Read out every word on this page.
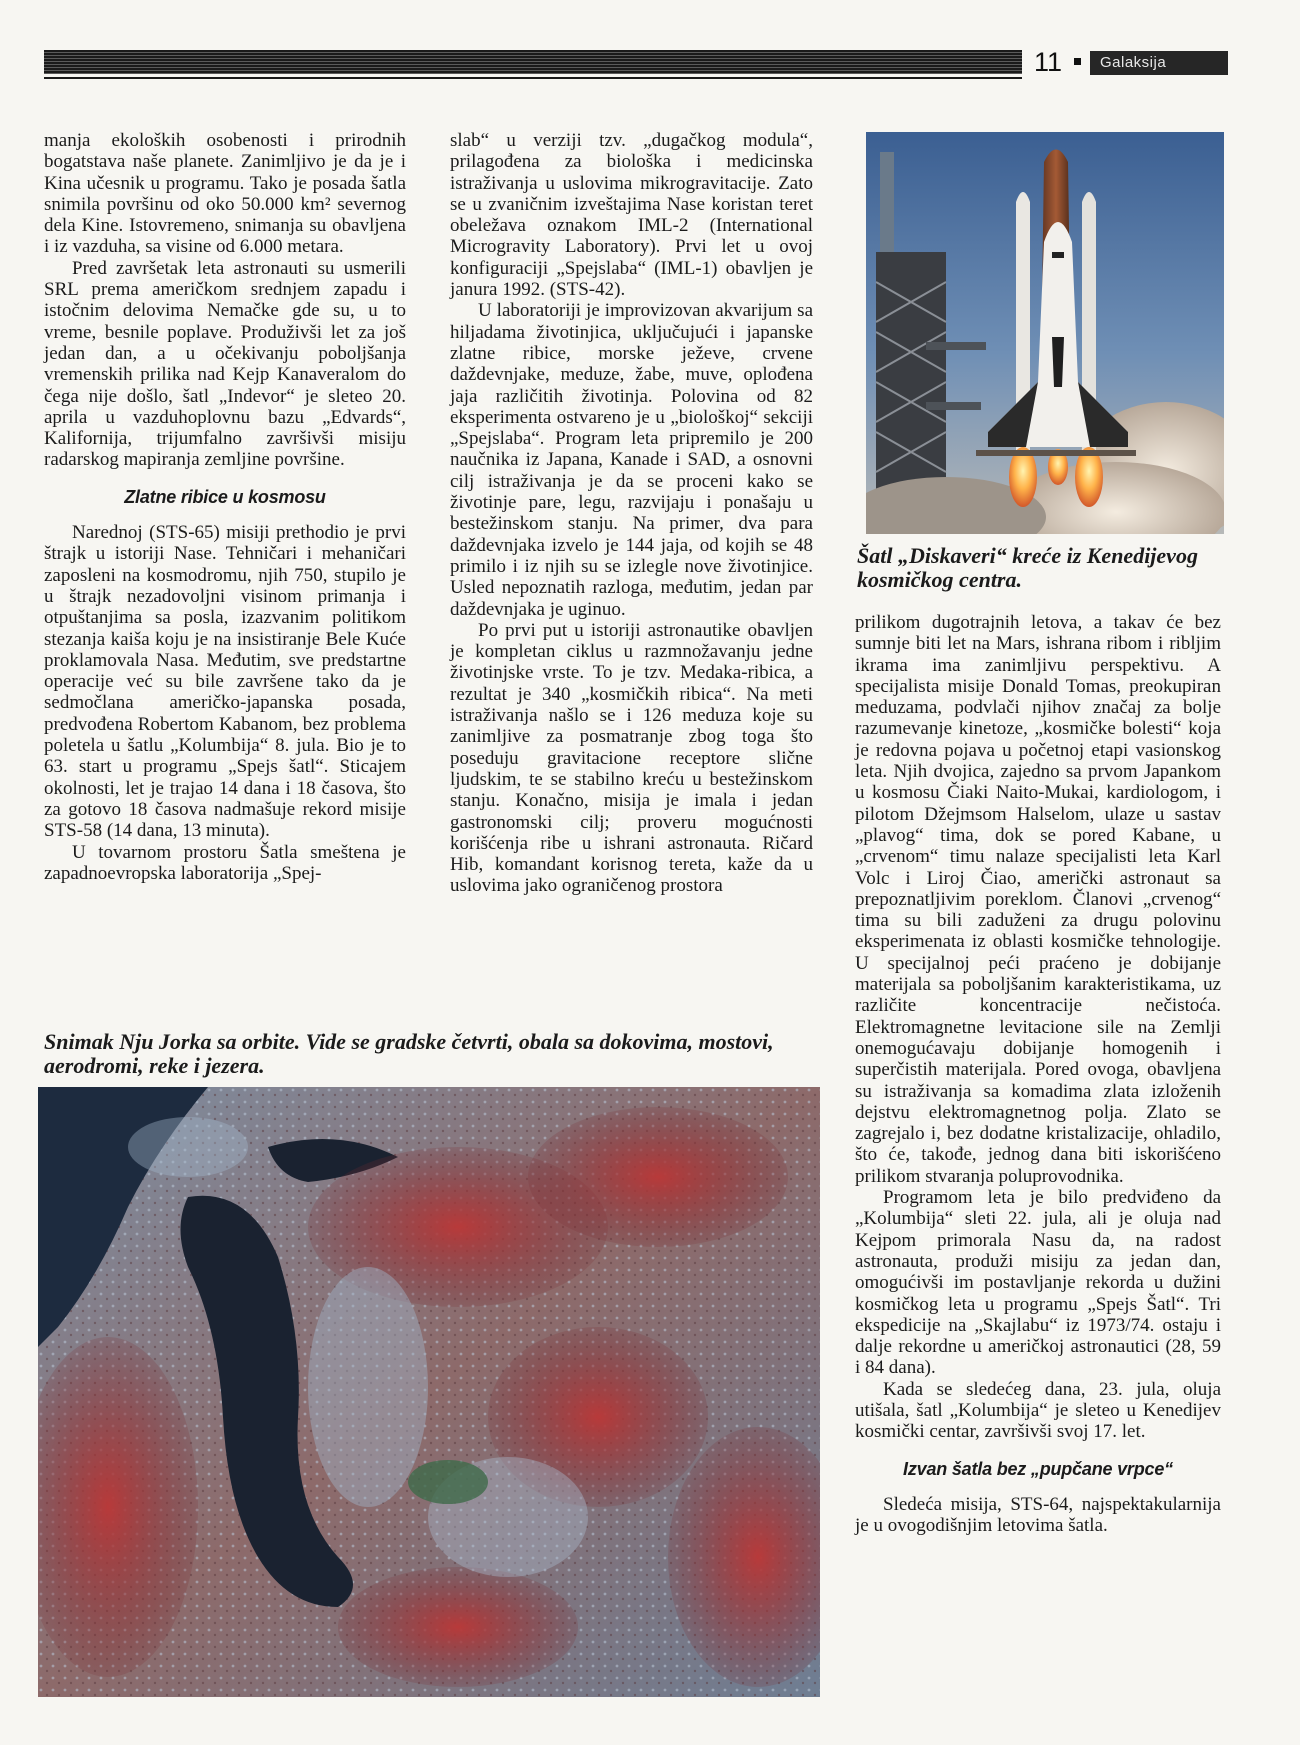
11	Galaksija

manja ekoloških osobenosti i prirodnih bogatstava naše planete. Zanimljivo je da je i Kina učesnik u programu. Tako je posada šatla snimila površinu od oko 50.000 km² severnog dela Kine. Istovremeno, snimanja su obavljena i iz vazduha, sa visine od 6.000 metara.

Pred završetak leta astronauti su usmerili SRL prema američkom srednjem zapadu i istočnim delovima Nemačke gde su, u to vreme, besnile poplave. Produživši let za još jedan dan, a u očekivanju poboljšanja vremenskih prilika nad Kejp Kanaveralom do čega nije došlo, šatl „Indevor“ je sleteo 20. aprila u vazduhoplovnu bazu „Edvards“, Kalifornija, trijumfalno završivši misiju radarskog mapiranja zemljine površine.

Zlatne ribice u kosmosu

Narednoj (STS-65) misiji prethodio je prvi štrajk u istoriji Nase. Tehničari i mehaničari zaposleni na kosmodromu, njih 750, stupilo je u štrajk nezadovoljni visinom primanja i otpuštanjima sa posla, izazvanim politikom stezanja kaiša koju je na insistiranje Bele Kuće proklamovala Nasa. Međutim, sve predstartne operacije već su bile završene tako da je sedmočlana američko-japanska posada, predvođena Robertom Kabanom, bez problema poletela u šatlu „Kolumbija“ 8. jula. Bio je to 63. start u programu „Spejs šatl“. Sticajem okolnosti, let je trajao 14 dana i 18 časova, što za gotovo 18 časova nadmašuje rekord misije STS-58 (14 dana, 13 minuta).

U tovarnom prostoru Šatla smeštena je zapadnoevropska laboratorija „Spej-

slab“ u verziji tzv. „dugačkog modula“, prilagođena za biološka i medicinska istraživanja u uslovima mikrogravitacije. Zato se u zvaničnim izveštajima Nase koristan teret obeležava oznakom IML-2 (International Microgravity Laboratory). Prvi let u ovoj konfiguraciji „Spejslaba“ (IML-1) obavljen je janura 1992. (STS-42).

U laboratoriji je improvizovan akvarijum sa hiljadama životinjica, uključujući i japanske zlatne ribice, morske ježeve, crvene daždevnjake, meduze, žabe, muve, oplođena jaja različitih životinja. Polovina od 82 eksperimenta ostvareno je u „biološkoj“ sekciji „Spejslaba“. Program leta pripremilo je 200 naučnika iz Japana, Kanade i SAD, a osnovni cilj istraživanja je da se proceni kako se životinje pare, legu, razvijaju i ponašaju u bestežinskom stanju. Na primer, dva para daždevnjaka izvelo je 144 jaja, od kojih se 48 primilo i iz njih su se izlegle nove životinjice. Usled nepoznatih razloga, međutim, jedan par daždevnjaka je uginuo.

Po prvi put u istoriji astronautike obavljen je kompletan ciklus u razmnožavanju jedne životinjske vrste. To je tzv. Medaka-ribica, a rezultat je 340 „kosmičkih ribica“. Na meti istraživanja našlo se i 126 meduza koje su zanimljive za posmatranje zbog toga što poseduju gravitacione receptore slične ljudskim, te se stabilno kreću u bestežinskom stanju. Konačno, misija je imala i jedan gastronomski cilj; proveru mogućnosti korišćenja ribe u ishrani astronauta. Ričard Hib, komandant korisnog tereta, kaže da u uslovima jako ograničenog prostora

Šatl „Diskaveri“ kreće iz Kenedijevog kosmičkog centra.

prilikom dugotrajnih letova, a takav će bez sumnje biti let na Mars, ishrana ribom i ribljim ikrama ima zanimljivu perspektivu. A specijalista misije Donald Tomas, preokupiran meduzama, podvlači njihov značaj za bolje razumevanje kinetoze, „kosmičke bolesti“ koja je redovna pojava u početnoj etapi vasionskog leta. Njih dvojica, zajedno sa prvom Japankom u kosmosu Čiaki Naito-Mukai, kardiologom, i pilotom Džejmsom Halselom, ulaze u sastav „plavog“ tima, dok se pored Kabane, u „crvenom“ timu nalaze specijalisti leta Karl Volc i Liroj Čiao, američki astronaut sa prepoznatljivim poreklom. Članovi „crvenog“ tima su bili zaduženi za drugu polovinu eksperimenata iz oblasti kosmičke tehnologije. U specijalnoj peći praćeno je dobijanje materijala sa poboljšanim karakteristikama, uz različite koncentracije nečistoća. Elektromagnetne levitacione sile na Zemlji onemogućavaju dobijanje homogenih i superčistih materijala. Pored ovoga, obavljena su istraživanja sa komadima zlata izloženih dejstvu elektromagnetnog polja. Zlato se zagrejalo i, bez dodatne kristalizacije, ohladilo, što će, takođe, jednog dana biti iskorišćeno prilikom stvaranja poluprovodnika.

Programom leta je bilo predviđeno da „Kolumbija“ sleti 22. jula, ali je oluja nad Kejpom primorala Nasu da, na radost astronauta, produži misiju za jedan dan, omogućivši im postavljanje rekorda u dužini kosmičkog leta u programu „Spejs Šatl“. Tri ekspedicije na „Skajlabu“ iz 1973/74. ostaju i dalje rekordne u američkoj astronautici (28, 59 i 84 dana).

Kada se sledećeg dana, 23. jula, oluja utišala, šatl „Kolumbija“ je sleteo u Kenedijev kosmički centar, završivši svoj 17. let.

Izvan šatla bez „pupčane vrpce“

Sledeća misija, STS-64, najspektakularnija je u ovogodišnjim letovima šatla.

Snimak Nju Jorka sa orbite. Vide se gradske četvrti, obala sa dokovima, mostovi, aerodromi, reke i jezera.
